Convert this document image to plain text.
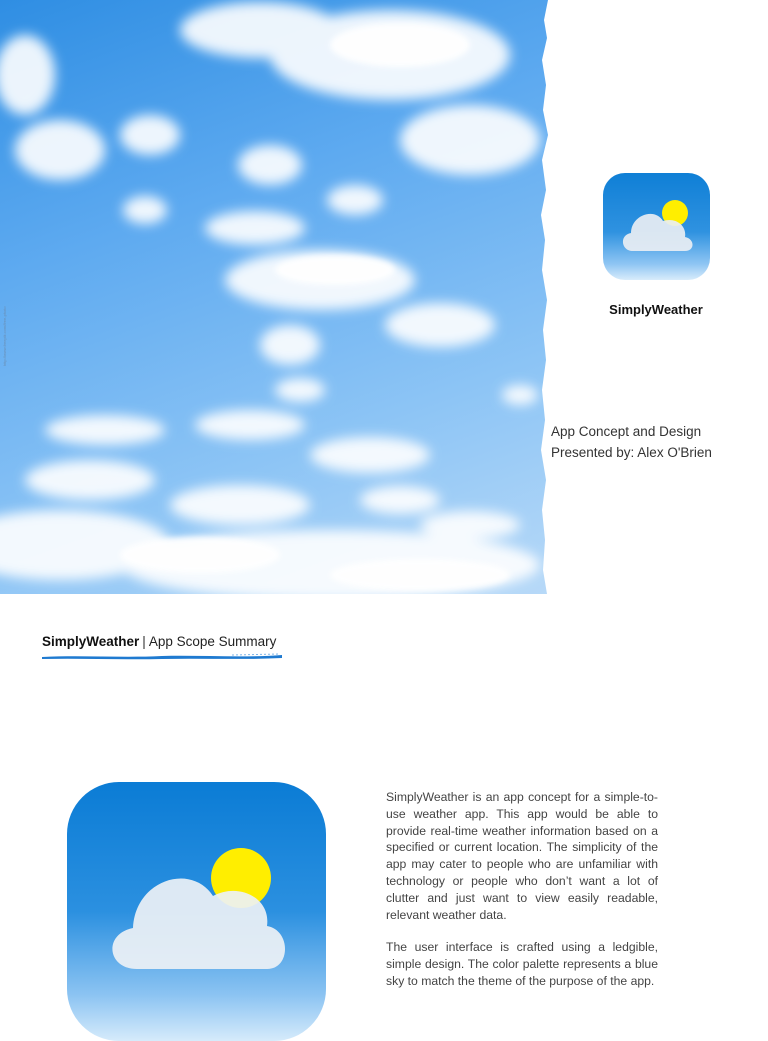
http://www.freepik.com/free-photo	SimplyWeather
App Concept and Design
Presented by: Alex O'Brien
SimplyWeather | App Scope Summary

SimplyWeather is an app concept for a simple-to-use weather app. This app would be able to provide real-time weather information based on a specified or current location. The simplicity of the app may cater to people who are unfamiliar with technology or people who don’t want a lot of clutter and just want to view easily readable, relevant weather data.

The user interface is crafted using a ledgible, simple design. The color palette represents a blue sky to match the theme of the purpose of the app.
